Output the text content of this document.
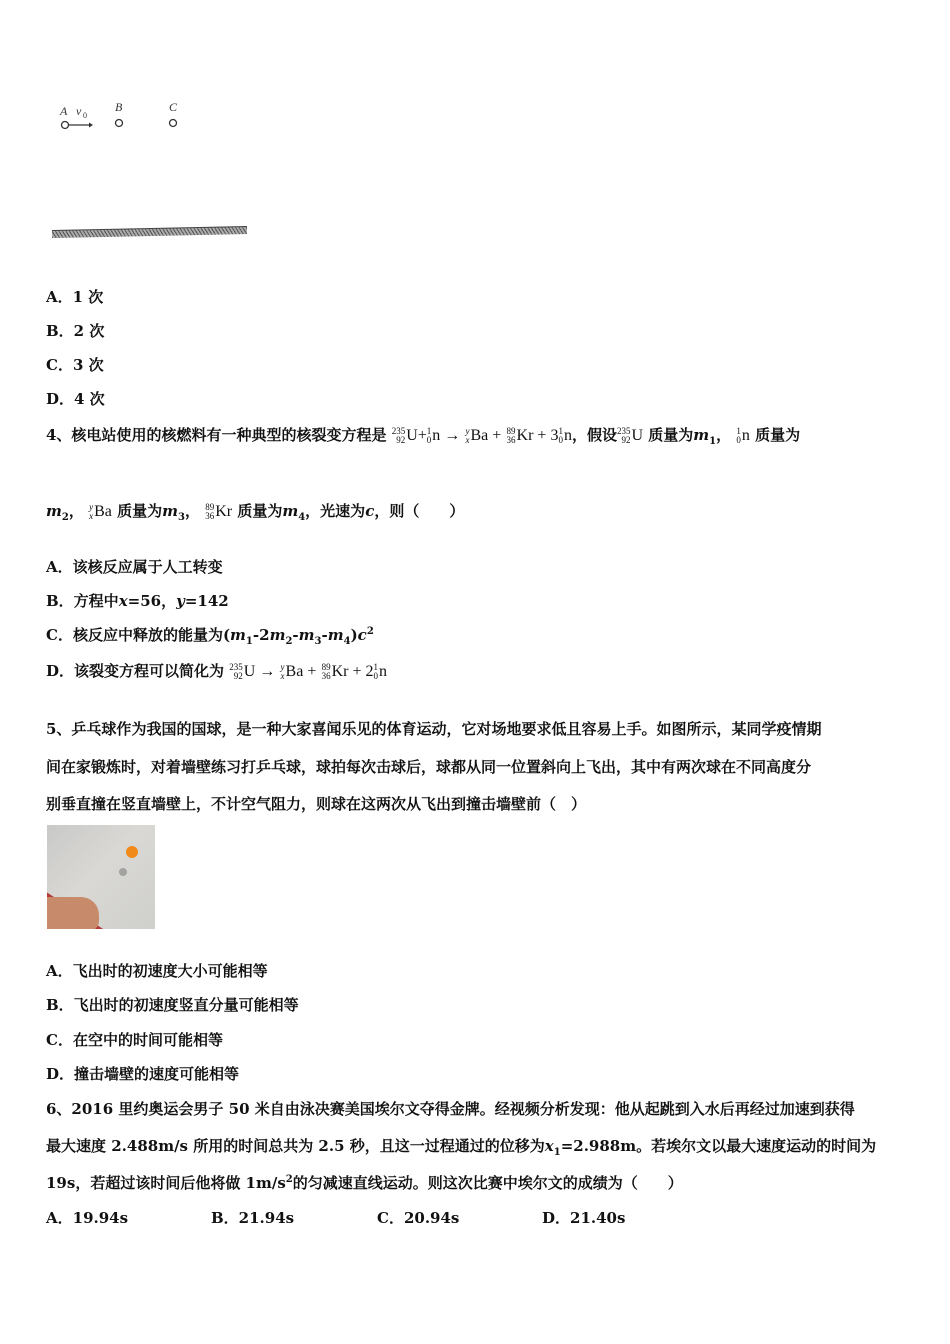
A v 0
B	C
A．1 次
B．2 次
C．3 次
D．4 次
4、核电站使用的核燃料有一种典型的核裂变方程是 235
92 U+ 1
0 n → y
x Ba + 89
36 Kr + 3 1
0 n，假设 235
92 U 质量为$m_1$， 1
0 n 质量为
$m_2$， y
x Ba 质量为$m_3$， 89
36 Kr 质量为$m_4$，光速为c，则（　　）
A．该核反应属于人工转变
B．方程中x=56，y=142
C．核反应中释放的能量为$(m_1-2m_2-m_3-m_4)c^2$
D．该裂变方程可以简化为 235
92 U → y
x Ba + 89
36 Kr + 2 1
0 n
5、乒乓球作为我国的国球，是一种大家喜闻乐见的体育运动，它对场地要求低且容易上手。如图所示，某同学疫情期
间在家锻炼时，对着墙壁练习打乒乓球，球拍每次击球后，球都从同一位置斜向上飞出，其中有两次球在不同高度分
别垂直撞在竖直墙壁上，不计空气阻力，则球在这两次从飞出到撞击墙壁前（　）
A．飞出时的初速度大小可能相等
B．飞出时的初速度竖直分量可能相等
C．在空中的时间可能相等
D．撞击墙壁的速度可能相等
6、2016 里约奥运会男子 50 米自由泳决赛美国埃尔文夺得金牌。经视频分析发现：他从起跳到入水后再经过加速到获得
最大速度 2.488m/s 所用的时间总共为 2.5 秒，且这一过程通过的位移为$x_1=2.988m$。若埃尔文以最大速度运动的时间为
19s，若超过该时间后他将做 $1m/s^2$的匀减速直线运动。则这次比赛中埃尔文的成绩为（　　）
A．19.94s	B．21.94s	C．20.94s	D．21.40s
